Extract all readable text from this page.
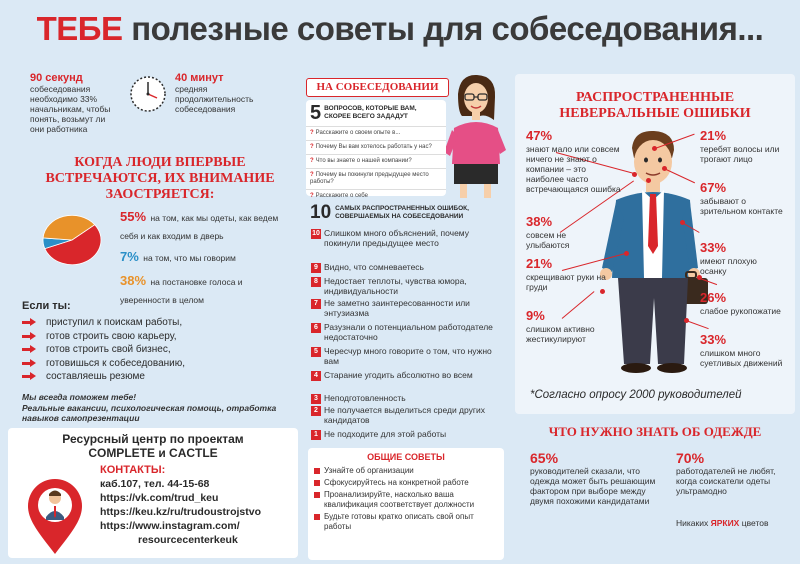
ТЕБЕ полезные советы для собеседования...
90 секунд
собеседования необходимо 33% начальникам, чтобы понять, возьмут ли они работника
40 минут
средняя продолжительность собеседования
КОГДА ЛЮДИ ВПЕРВЫЕ ВСТРЕЧАЮТСЯ, ИХ ВНИМАНИЕ ЗАОСТРЯЕТСЯ:
55% на том, как мы одеты, как ведем себя и как входим в дверь
7% на том, что мы говорим
38% на постановке голоса и уверенности в целом
Если ты:
приступил к поискам работы,
готов строить свою карьеру,
готов строить свой бизнес,
готовишься к собеседованию,
составляешь резюме
Мы всегда поможем тебе!
Реальные вакансии, психологическая помощь, отработка навыков самопрезентации
Ресурсный центр по проектам
COMPLETE и CACTLE
КОНТАКТЫ:
каб.107, тел. 44-15-68
https://vk.com/trud_keu
https://keu.kz/ru/trudoustrojstvo
https://www.instagram.com/
resourcecenterkeuk
НА СОБЕСЕДОВАНИИ
5 ВОПРОСОВ, КОТОРЫЕ ВАМ, СКОРЕЕ ВСЕГО ЗАДАДУТ
? Расскажите о своем опыте в...
? Почему Вы вам хотелось работать у нас?
? Что вы знаете о нашей компании?
? Почему вы покинули предыдущее место работы?
? Расскажите о себе
10 САМЫХ РАСПРОСТРАНЕННЫХ ОШИБОК, СОВЕРШАЕМЫХ НА СОБЕСЕДОВАНИИ
10 Слишком много объяснений, почему покинули предыдущее место
9 Видно, что сомневаетесь
8 Недостает теплоты, чувства юмора, индивидуальности
7 Не заметно заинтересованности или энтузиазма
6 Разузнали о потенциальном работодателе недостаточно
5 Чересчур много говорите о том, что нужно вам
4 Старание угодить абсолютно во всем
3 Неподготовленность
2 Не получается выделиться среди других кандидатов
1 Не подходите для этой работы
ОБЩИЕ СОВЕТЫ
Узнайте об организации
Сфокусируйтесь на конкретной работе
Проанализируйте, насколько ваша квалификация соответствует должности
Будьте готовы кратко описать свой опыт работы
РАСПРОСТРАНЕННЫЕ НЕВЕРБАЛЬНЫЕ ОШИБКИ
47%
знают мало или совсем ничего не знают о компании – это наиболее часто встречающаяся ошибка
38%
совсем не улыбаются
21%
скрещивают руки на груди
9%
слишком активно жестикулируют
21%
теребят волосы или трогают лицо
67%
забывают о зрительном контакте
33%
имеют плохую осанку
26%
слабое рукопожатие
33%
слишком много суетливых движений
*Согласно опросу 2000 руководителей
ЧТО НУЖНО ЗНАТЬ ОБ ОДЕЖДЕ
65%
руководителей сказали, что одежда может быть решающим фактором при выборе между двумя похожими кандидатами
70%
работодателей не любят, когда соискатели одеты ультрамодно
Никаких ЯРКИХ цветов
